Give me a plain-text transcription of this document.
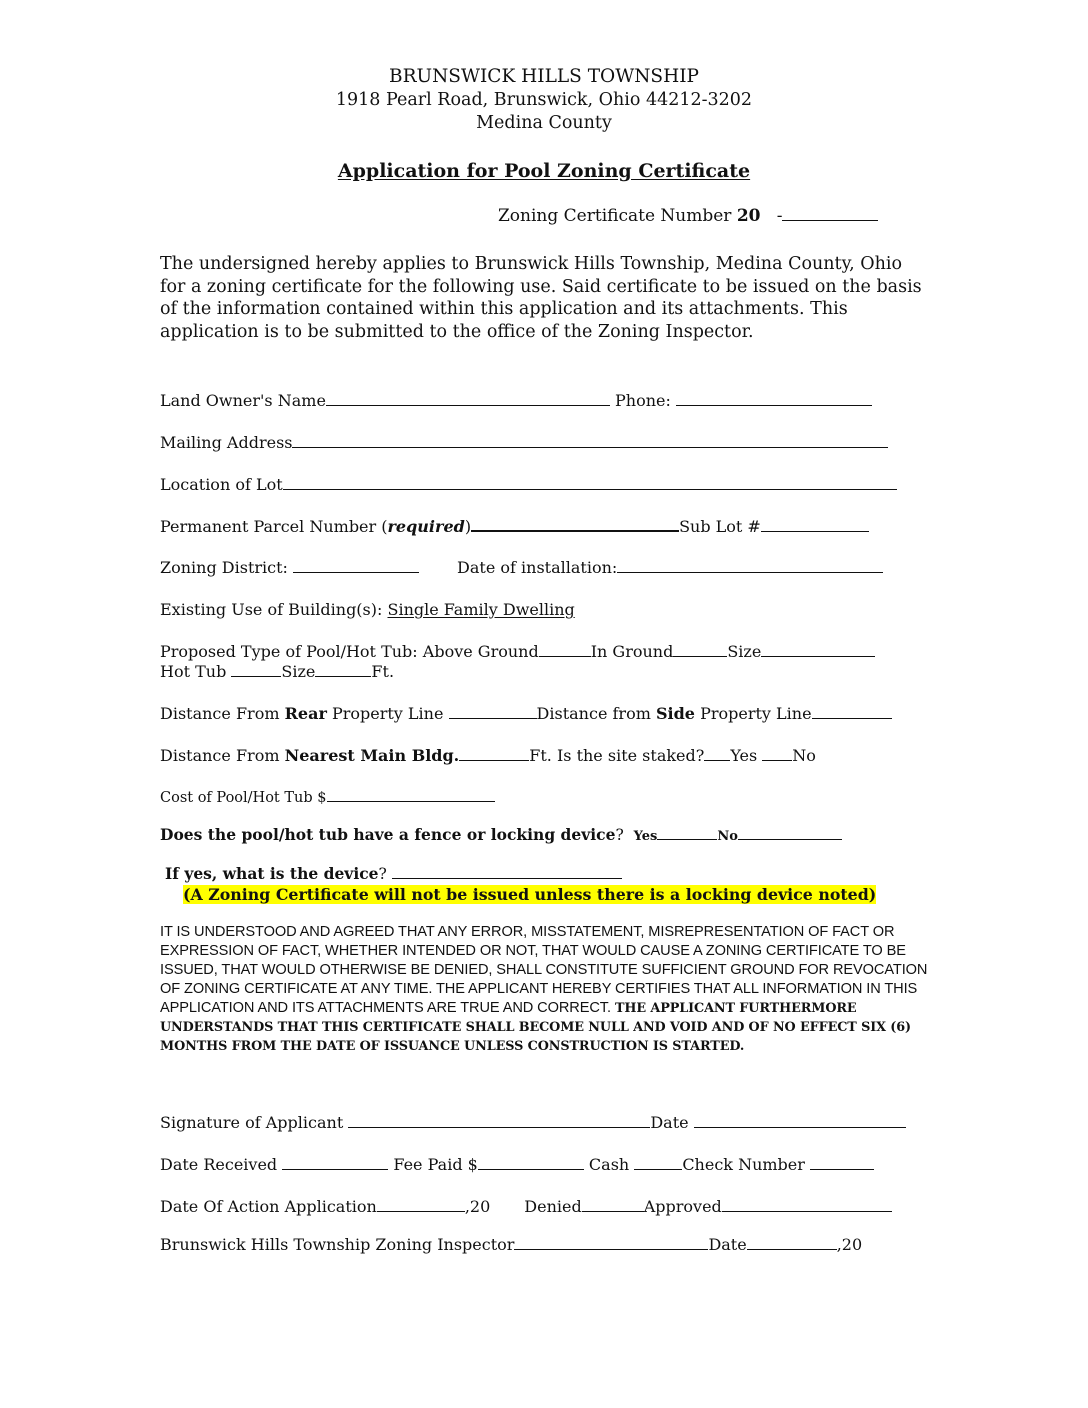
BRUNSWICK HILLS TOWNSHIP
1918 Pearl Road, Brunswick, Ohio 44212-3202
Medina County
Application for Pool Zoning Certificate
Zoning Certificate Number 20 -
The undersigned hereby applies to Brunswick Hills Township, Medina County, Ohio for a zoning certificate for the following use. Said certificate to be issued on the basis of the information contained within this application and its attachments. This application is to be submitted to the office of the Zoning Inspector.
Land Owner's Name	Phone:
Mailing Address
Location of Lot
Permanent Parcel Number (required)	Sub Lot #
Zoning District:	Date of installation:
Existing Use of Building(s): Single Family Dwelling
Proposed Type of Pool/Hot Tub: Above Ground	In Ground	Size
Hot Tub	Size	Ft.
Distance From Rear Property Line	Distance from Side Property Line
Distance From Nearest Main Bldg.	Ft. Is the site staked? Yes No
Cost of Pool/Hot Tub $
Does the pool/hot tub have a fence or locking device? Yes	No
If yes, what is the device?
(A Zoning Certificate will not be issued unless there is a locking device noted)
IT IS UNDERSTOOD AND AGREED THAT ANY ERROR, MISSTATEMENT, MISREPRESENTATION OF FACT OR EXPRESSION OF FACT, WHETHER INTENDED OR NOT, THAT WOULD CAUSE A ZONING CERTIFICATE TO BE ISSUED, THAT WOULD OTHERWISE BE DENIED, SHALL CONSTITUTE SUFFICIENT GROUND FOR REVOCATION OF ZONING CERTIFICATE AT ANY TIME. THE APPLICANT HEREBY CERTIFIES THAT ALL INFORMATION IN THIS APPLICATION AND ITS ATTACHMENTS ARE TRUE AND CORRECT. THE APPLICANT FURTHERMORE UNDERSTANDS THAT THIS CERTIFICATE SHALL BECOME NULL AND VOID AND OF NO EFFECT SIX (6) MONTHS FROM THE DATE OF ISSUANCE UNLESS CONSTRUCTION IS STARTED.
Signature of Applicant	Date
Date Received	Fee Paid $	Cash	Check Number
Date Of Action Application	,20 Denied	Approved
Brunswick Hills Township Zoning Inspector	Date	,20
